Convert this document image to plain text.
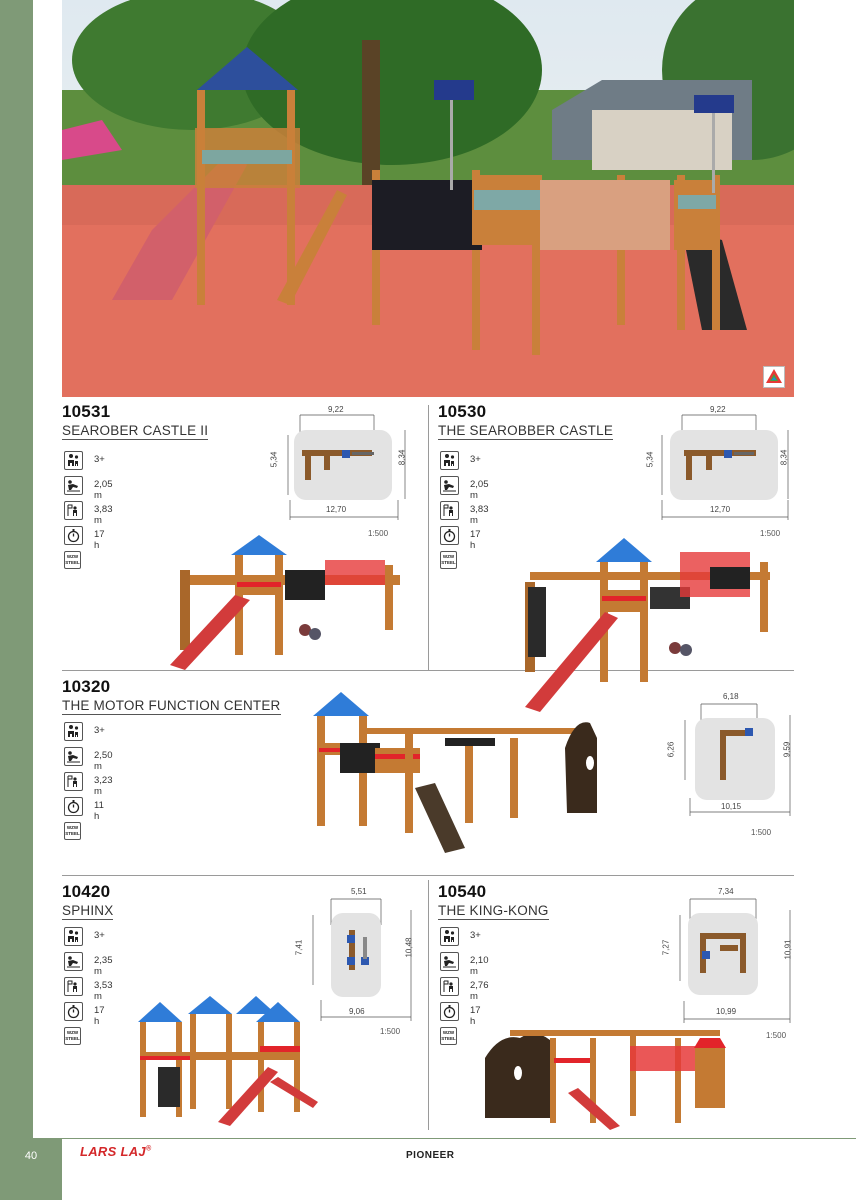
40
10531
SEAROBER CASTLE II
3+
2,05 m
3,83 m
17 h
WZW STEEL
9,22
5,34	8,34
12,70
1:500
10530
THE SEAROBBER CASTLE
3+
2,05 m
3,83 m
17 h
WZW STEEL
9,22
5,34	8,34
12,70
1:500
10320
THE MOTOR FUNCTION CENTER
3+
2,50 m
3,23 m
11 h
WZW STEEL
6,18
6,26	9,59
10,15
1:500
10420
SPHINX
3+
2,35 m
3,53 m
17 h
WZW STEEL
5,51
7,41	10,48
9,06
1:500
10540
THE KING-KONG
3+
2,10 m
2,76 m
17 h
WZW STEEL
7,34
7,27	10,91
10,99
1:500
LARS LAJ®
PIONEER
